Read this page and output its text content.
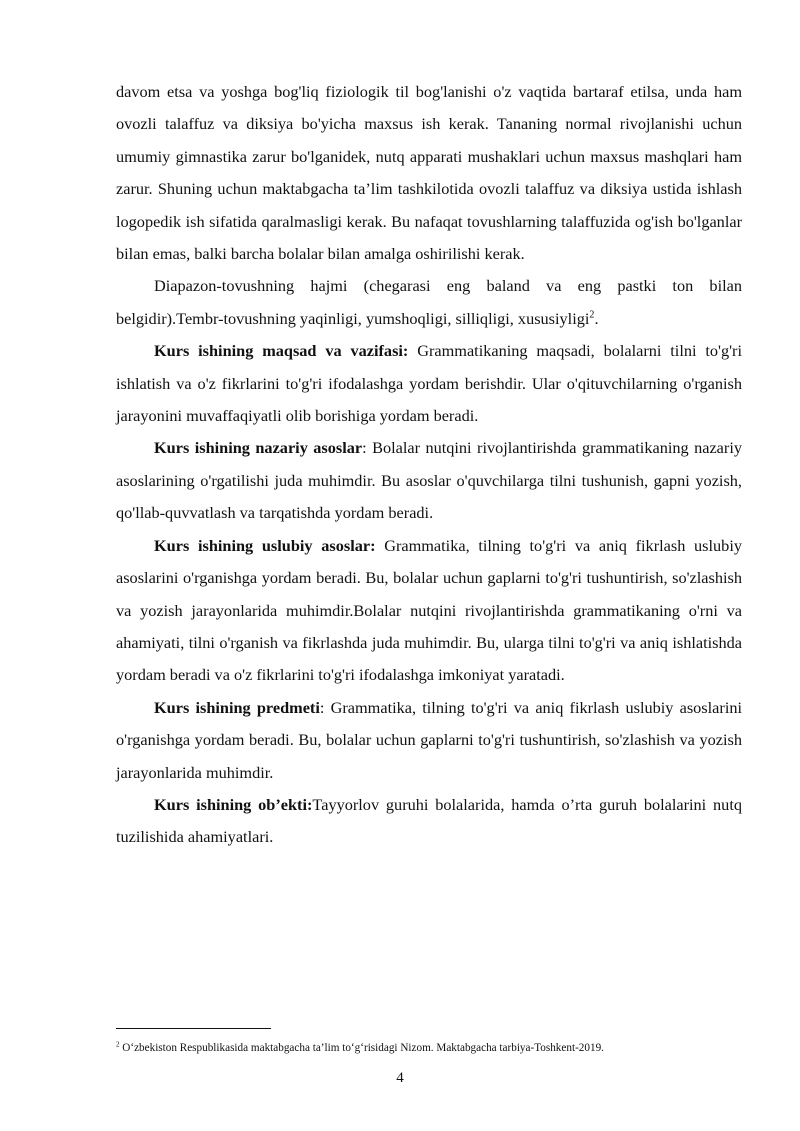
davom etsa va yoshga bog'liq fiziologik til bog'lanishi o'z vaqtida bartaraf etilsa, unda ham ovozli talaffuz va diksiya bo'yicha maxsus ish kerak. Tananing normal rivojlanishi uchun umumiy gimnastika zarur bo'lganidek, nutq apparati mushaklari uchun maxsus mashqlari ham zarur. Shuning uchun maktabgacha ta’lim tashkilotida ovozli talaffuz va diksiya ustida ishlash logopedik ish sifatida qaralmasligi kerak. Bu nafaqat tovushlarning talaffuzida og'ish bo'lganlar bilan emas, balki barcha bolalar bilan amalga oshirilishi kerak.

Diapazon-tovushning hajmi (chegarasi eng baland va eng pastki ton bilan belgidir).Tembr-tovushning yaqinligi, yumshoqligi, silliqligi, xususiyligi$^2$.

Kurs ishining maqsad va vazifasi: Grammatikaning maqsadi, bolalarni tilni to'g'ri ishlatish va o'z fikrlarini to'g'ri ifodalashga yordam berishdir. Ular o'qituvchilarning o'rganish jarayonini muvaffaqiyatli olib borishiga yordam beradi.

Kurs ishining nazariy asoslar: Bolalar nutqini rivojlantirishda grammatikaning nazariy asoslarining o'rgatilishi juda muhimdir. Bu asoslar o'quvchilarga tilni tushunish, gapni yozish, qo'llab-quvvatlash va tarqatishda yordam beradi.

Kurs ishining uslubiy asoslar: Grammatika, tilning to'g'ri va aniq fikrlash uslubiy asoslarini o'rganishga yordam beradi. Bu, bolalar uchun gaplarni to'g'ri tushuntirish, so'zlashish va yozish jarayonlarida muhimdir.Bolalar nutqini rivojlantirishda grammatikaning o'rni va ahamiyati, tilni o'rganish va fikrlashda juda muhimdir. Bu, ularga tilni to'g'ri va aniq ishlatishda yordam beradi va o'z fikrlarini to'g'ri ifodalashga imkoniyat yaratadi.

Kurs ishining predmeti: Grammatika, tilning to'g'ri va aniq fikrlash uslubiy asoslarini o'rganishga yordam beradi. Bu, bolalar uchun gaplarni to'g'ri tushuntirish, so'zlashish va yozish jarayonlarida muhimdir.

Kurs ishining ob’ekti:Tayyorlov guruhi bolalarida, hamda o’rta guruh bolalarini nutq tuzilishida ahamiyatlari.

$^2$ O‘zbekiston Respublikasida maktabgacha ta’lim to‘g‘risidagi Nizom. Maktabgacha tarbiya-Toshkent-2019.
4
